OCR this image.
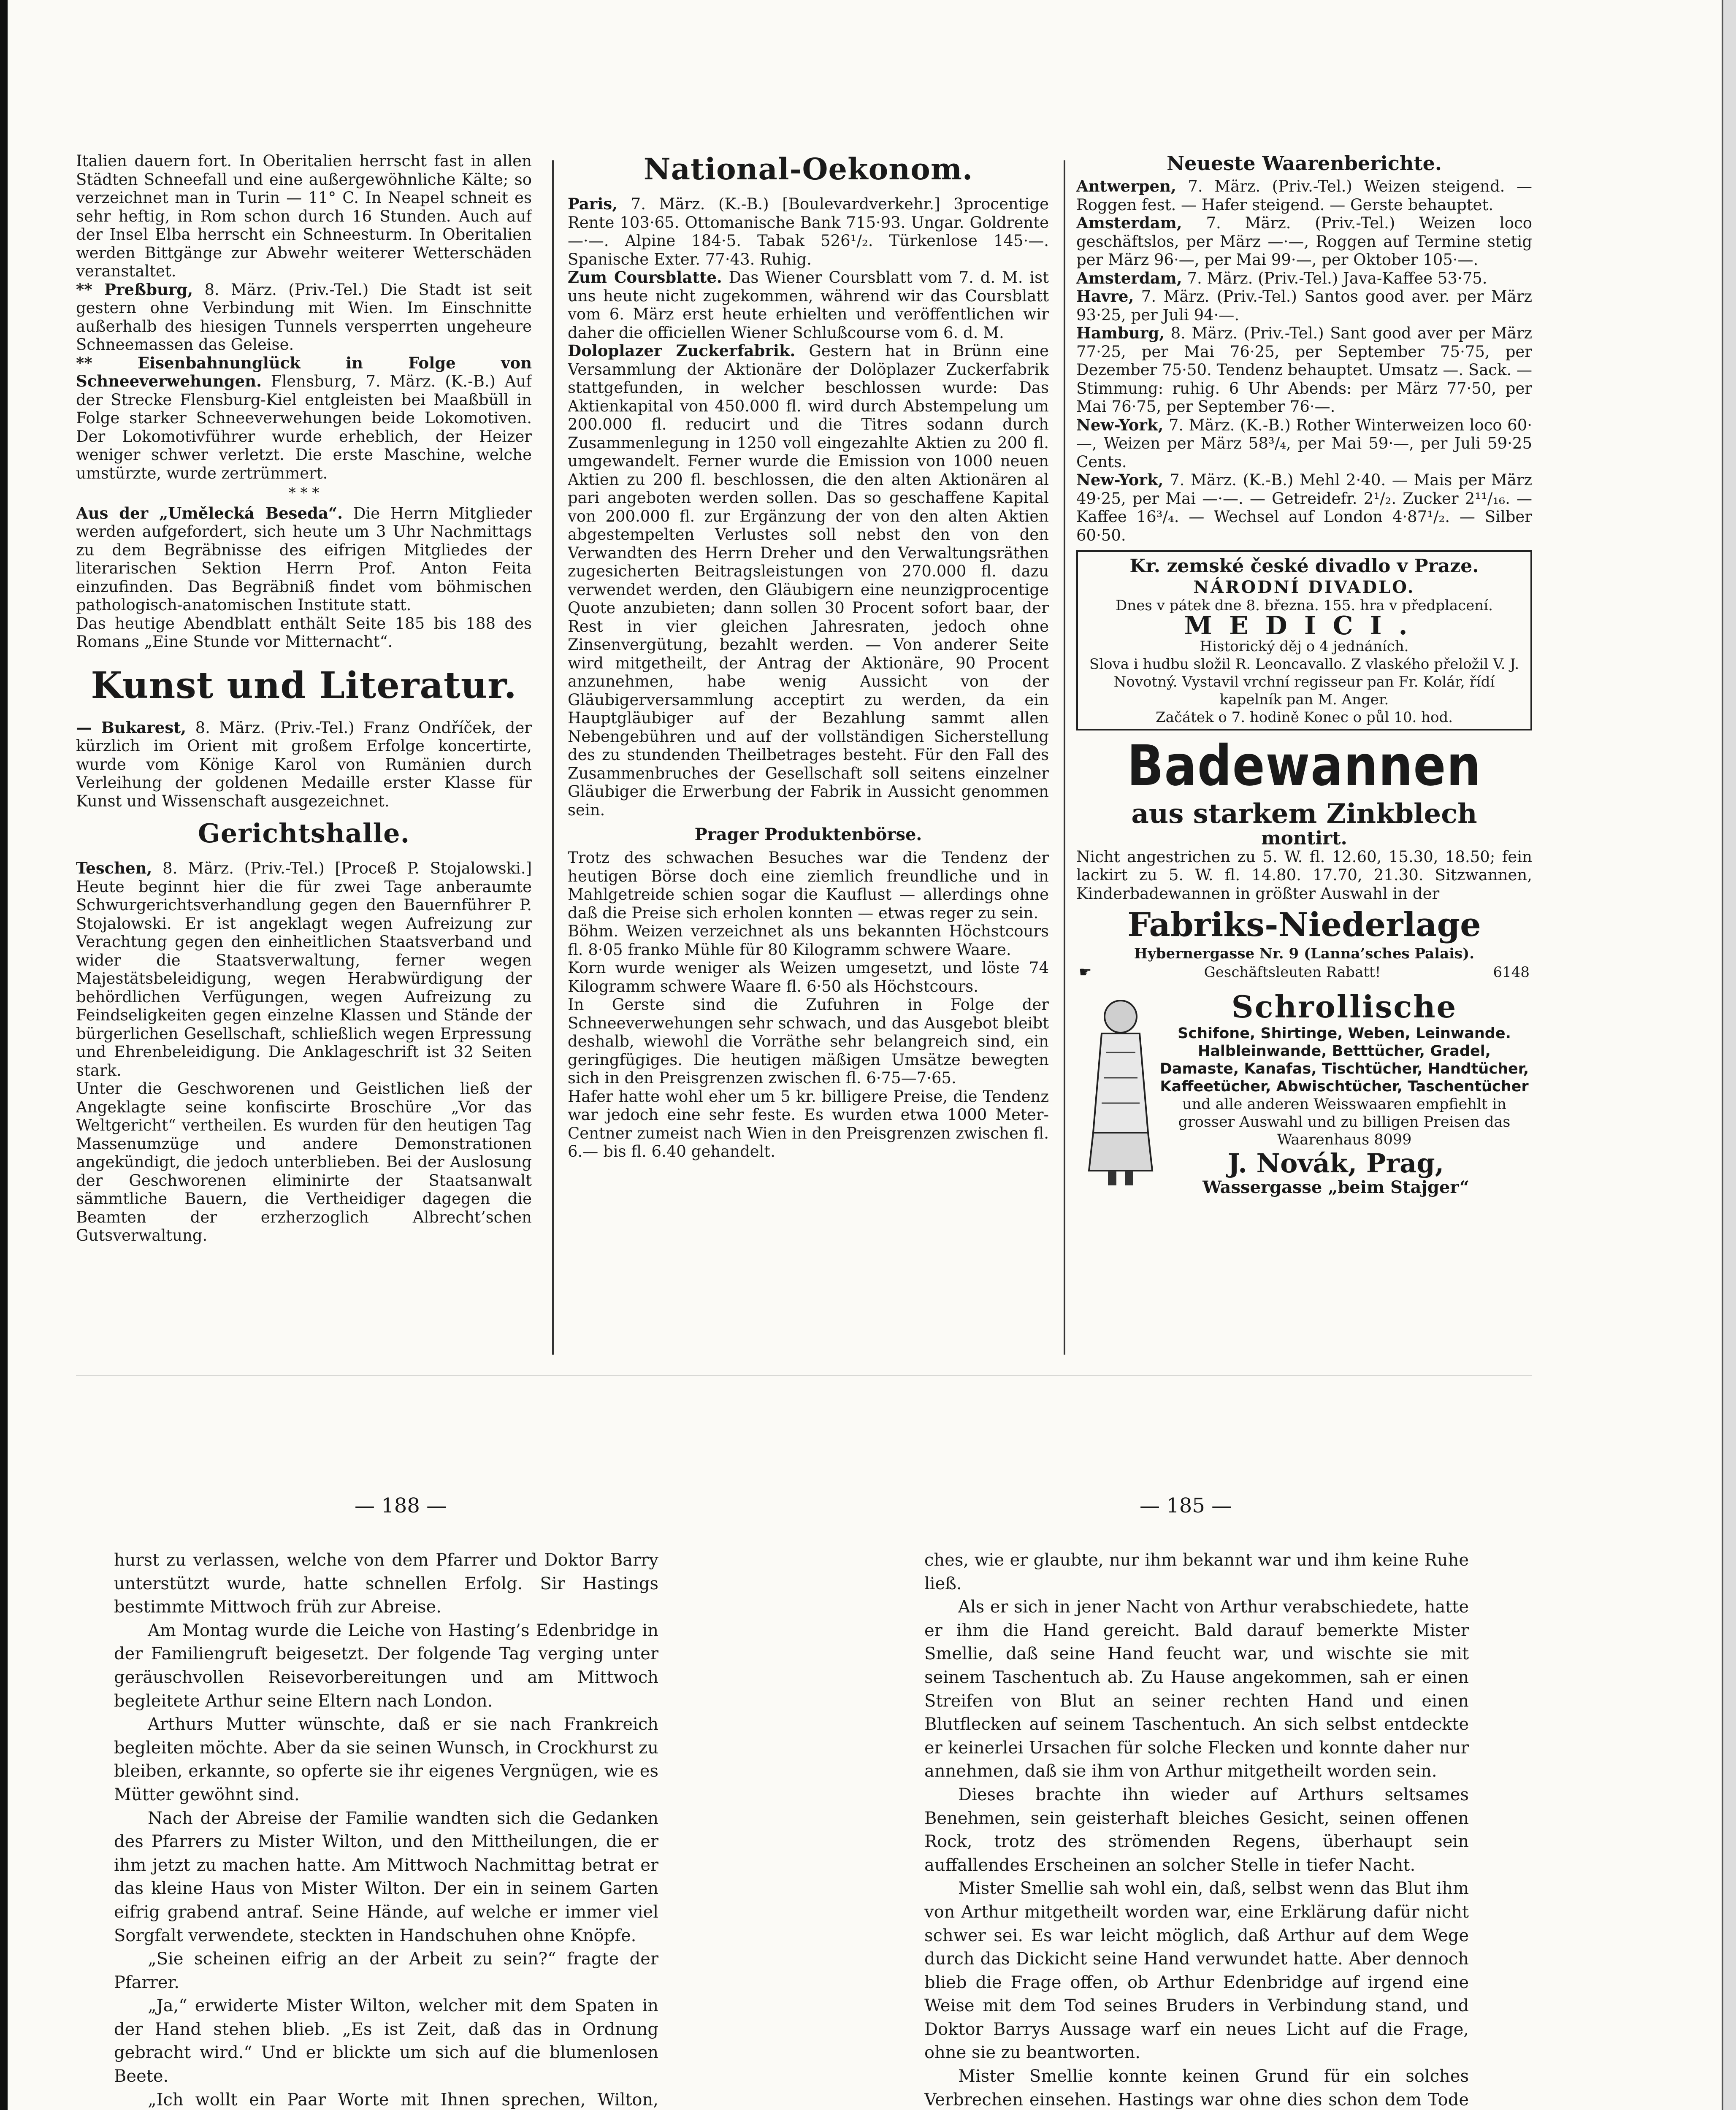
Italien dauern fort. In Oberitalien herrscht fast in allen Städten Schneefall und eine außergewöhnliche Kälte; so verzeichnet man in Turin — 11° C. In Neapel schneit es sehr heftig, in Rom schon durch 16 Stunden. Auch auf der Insel Elba herrscht ein Schneesturm. In Oberitalien werden Bittgänge zur Abwehr weiterer Wetterschäden veranstaltet.

** Preßburg, 8. März. (Priv.-Tel.) Die Stadt ist seit gestern ohne Verbindung mit Wien. Im Einschnitte außerhalb des hiesigen Tunnels versperrten ungeheure Schneemassen das Geleise.

** Eisenbahnunglück in Folge von Schneeverwehungen. Flensburg, 7. März. (K.-B.) Auf der Strecke Flensburg-Kiel entgleisten bei Maaßbüll in Folge starker Schneeverwehungen beide Lokomotiven. Der Lokomotivführer wurde erheblich, der Heizer weniger schwer verletzt. Die erste Maschine, welche umstürzte, wurde zertrümmert.

* * *

Aus der „Umělecká Beseda“. Die Herrn Mitglieder werden aufgefordert, sich heute um 3 Uhr Nachmittags zu dem Begräbnisse des eifrigen Mitgliedes der literarischen Sektion Herrn Prof. Anton Feita einzufinden. Das Begräbniß findet vom böhmischen pathologisch-anatomischen Institute statt.

Das heutige Abendblatt enthält Seite 185 bis 188 des Romans „Eine Stunde vor Mitternacht“.

Kunst und Literatur.

— Bukarest, 8. März. (Priv.-Tel.) Franz Ondříček, der kürzlich im Orient mit großem Erfolge koncertirte, wurde vom Könige Karol von Rumänien durch Verleihung der goldenen Medaille erster Klasse für Kunst und Wissenschaft ausgezeichnet.

Gerichtshalle.

Teschen, 8. März. (Priv.-Tel.) [Proceß P. Stojalowski.] Heute beginnt hier die für zwei Tage anberaumte Schwurgerichtsverhandlung gegen den Bauernführer P. Stojalowski. Er ist angeklagt wegen Aufreizung zur Verachtung gegen den einheitlichen Staatsverband und wider die Staatsverwaltung, ferner wegen Majestätsbeleidigung, wegen Herabwürdigung der behördlichen Verfügungen, wegen Aufreizung zu Feindseligkeiten gegen einzelne Klassen und Stände der bürgerlichen Gesellschaft, schließlich wegen Erpressung und Ehrenbeleidigung. Die Anklageschrift ist 32 Seiten stark.

Unter die Geschworenen und Geistlichen ließ der Angeklagte seine konfiscirte Broschüre „Vor das Weltgericht“ vertheilen. Es wurden für den heutigen Tag Massenumzüge und andere Demonstrationen angekündigt, die jedoch unterblieben. Bei der Auslosung der Geschworenen eliminirte der Staatsanwalt sämmtliche Bauern, die Vertheidiger dagegen die Beamten der erzherzoglich Albrecht’schen Gutsverwaltung.

National-Oekonom.

Paris, 7. März. (K.-B.) [Boulevardverkehr.] 3procentige Rente 103·65. Ottomanische Bank 715·93. Ungar. Goldrente —·—. Alpine 184·5. Tabak 526¹/₂. Türkenlose 145·—. Spanische Exter. 77·43. Ruhig.

Zum Coursblatte. Das Wiener Coursblatt vom 7. d. M. ist uns heute nicht zugekommen, während wir das Coursblatt vom 6. März erst heute erhielten und veröffentlichen wir daher die officiellen Wiener Schlußcourse vom 6. d. M.

Doloplazer Zuckerfabrik. Gestern hat in Brünn eine Versammlung der Aktionäre der Dolöplazer Zuckerfabrik stattgefunden, in welcher beschlossen wurde: Das Aktienkapital von 450.000 fl. wird durch Abstempelung um 200.000 fl. reducirt und die Titres sodann durch Zusammenlegung in 1250 voll eingezahlte Aktien zu 200 fl. umgewandelt. Ferner wurde die Emission von 1000 neuen Aktien zu 200 fl. beschlossen, die den alten Aktionären al pari angeboten werden sollen. Das so geschaffene Kapital von 200.000 fl. zur Ergänzung der von den alten Aktien abgestempelten Verlustes soll nebst den von den Verwandten des Herrn Dreher und den Verwaltungsräthen zugesicherten Beitragsleistungen von 270.000 fl. dazu verwendet werden, den Gläubigern eine neunzigprocentige Quote anzubieten; dann sollen 30 Procent sofort baar, der Rest in vier gleichen Jahresraten, jedoch ohne Zinsenvergütung, bezahlt werden. — Von anderer Seite wird mitgetheilt, der Antrag der Aktionäre, 90 Procent anzunehmen, habe wenig Aussicht von der Gläubigerversammlung acceptirt zu werden, da ein Hauptgläubiger auf der Bezahlung sammt allen Nebengebühren und auf der vollständigen Sicherstellung des zu stundenden Theilbetrages besteht. Für den Fall des Zusammenbruches der Gesellschaft soll seitens einzelner Gläubiger die Erwerbung der Fabrik in Aussicht genommen sein.

Prager Produktenbörse.

Trotz des schwachen Besuches war die Tendenz der heutigen Börse doch eine ziemlich freundliche und in Mahlgetreide schien sogar die Kauflust — allerdings ohne daß die Preise sich erholen konnten — etwas reger zu sein.

Böhm. Weizen verzeichnet als uns bekannten Höchstcours fl. 8·05 franko Mühle für 80 Kilogramm schwere Waare.

Korn wurde weniger als Weizen umgesetzt, und löste 74 Kilogramm schwere Waare fl. 6·50 als Höchstcours.

In Gerste sind die Zufuhren in Folge der Schneeverwehungen sehr schwach, und das Ausgebot bleibt deshalb, wiewohl die Vorräthe sehr belangreich sind, ein geringfügiges. Die heutigen mäßigen Umsätze bewegten sich in den Preisgrenzen zwischen fl. 6·75—7·65.

Hafer hatte wohl eher um 5 kr. billigere Preise, die Tendenz war jedoch eine sehr feste. Es wurden etwa 1000 Meter-Centner zumeist nach Wien in den Preisgrenzen zwischen fl. 6.— bis fl. 6.40 gehandelt.

Neueste Waarenberichte.

Antwerpen, 7. März. (Priv.-Tel.) Weizen steigend. — Roggen fest. — Hafer steigend. — Gerste behauptet.

Amsterdam, 7. März. (Priv.-Tel.) Weizen loco geschäftslos, per März —·—, Roggen auf Termine stetig per März 96·—, per Mai 99·—, per Oktober 105·—.

Amsterdam, 7. März. (Priv.-Tel.) Java-Kaffee 53·75.

Havre, 7. März. (Priv.-Tel.) Santos good aver. per März 93·25, per Juli 94·—.

Hamburg, 8. März. (Priv.-Tel.) Sant good aver per März 77·25, per Mai 76·25, per September 75·75, per Dezember 75·50. Tendenz behauptet. Umsatz —. Sack. — Stimmung: ruhig. 6 Uhr Abends: per März 77·50, per Mai 76·75, per September 76·—.

New-York, 7. März. (K.-B.) Rother Winterweizen loco 60·—, Weizen per März 58³/₄, per Mai 59·—, per Juli 59·25 Cents.

New-York, 7. März. (K.-B.) Mehl 2·40. — Mais per März 49·25, per Mai —·—. — Getreidefr. 2¹/₂. Zucker 2¹¹/₁₆. — Kaffee 16³/₄. — Wechsel auf London 4·87¹/₂. — Silber 60·50.

Kr. zemské české divadlo v Praze.
NÁRODNÍ DIVADLO.
Dnes v pátek dne 8. března. 155. hra v předplacení.
MEDICI.
Historický děj o 4 jednáních.
Slova i hudbu složil R. Leoncavallo. Z vlaského přeložil V. J. Novotný. Vystavil vrchní regisseur pan Fr. Kolár, řídí kapelník pan M. Anger.
Začátek o 7. hodině Konec o půl 10. hod.
Badewannen
aus starkem Zinkblech
montirt.

Nicht angestrichen zu 5. W. fl. 12.60, 15.30, 18.50; fein lackirt zu 5. W. fl. 14.80. 17.70, 21.30. Sitzwannen, Kinderbadewannen in größter Auswahl in der

Fabriks-Niederlage
Hybernergasse Nr. 9 (Lanna’sches Palais).
☛	Geschäftsleuten Rabatt!	6148
Schrollische
Schifone, Shirtinge, Weben, Leinwande. Halbleinwande, Betttücher, Gradel, Damaste, Kanafas, Tischtücher, Handtücher, Kaffeetücher, Abwischtücher, Taschentücher und alle anderen Weisswaaren empfiehlt in grosser Auswahl und zu billigen Preisen das Waarenhaus 8099
J. Novák, Prag,
Wassergasse „beim Stajger“
— 188 —	— 185 —

hurst zu verlassen, welche von dem Pfarrer und Doktor Barry unterstützt wurde, hatte schnellen Erfolg. Sir Hastings bestimmte Mittwoch früh zur Abreise.

Am Montag wurde die Leiche von Hasting’s Edenbridge in der Familiengruft beigesetzt. Der folgende Tag verging unter geräuschvollen Reisevorbereitungen und am Mittwoch begleitete Arthur seine Eltern nach London.

Arthurs Mutter wünschte, daß er sie nach Frankreich begleiten möchte. Aber da sie seinen Wunsch, in Crockhurst zu bleiben, erkannte, so opferte sie ihr eigenes Vergnügen, wie es Mütter gewöhnt sind.

Nach der Abreise der Familie wandten sich die Gedanken des Pfarrers zu Mister Wilton, und den Mittheilungen, die er ihm jetzt zu machen hatte. Am Mittwoch Nachmittag betrat er das kleine Haus von Mister Wilton. Der ein in seinem Garten eifrig grabend antraf. Seine Hände, auf welche er immer viel Sorgfalt verwendete, steckten in Handschuhen ohne Knöpfe.

„Sie scheinen eifrig an der Arbeit zu sein?“ fragte der Pfarrer.

„Ja,“ erwiderte Mister Wilton, welcher mit dem Spaten in der Hand stehen blieb. „Es ist Zeit, daß das in Ordnung gebracht wird.“ Und er blickte um sich auf die blumenlosen Beete.

„Ich wollt ein Paar Worte mit Ihnen sprechen, Wilton,

ches, wie er glaubte, nur ihm bekannt war und ihm keine Ruhe ließ.

Als er sich in jener Nacht von Arthur verabschiedete, hatte er ihm die Hand gereicht. Bald darauf bemerkte Mister Smellie, daß seine Hand feucht war, und wischte sie mit seinem Taschentuch ab. Zu Hause angekommen, sah er einen Streifen von Blut an seiner rechten Hand und einen Blutflecken auf seinem Taschentuch. An sich selbst entdeckte er keinerlei Ursachen für solche Flecken und konnte daher nur annehmen, daß sie ihm von Arthur mitgetheilt worden sein.

Dieses brachte ihn wieder auf Arthurs seltsames Benehmen, sein geisterhaft bleiches Gesicht, seinen offenen Rock, trotz des strömenden Regens, überhaupt sein auffallendes Erscheinen an solcher Stelle in tiefer Nacht.

Mister Smellie sah wohl ein, daß, selbst wenn das Blut ihm von Arthur mitgetheilt worden war, eine Erklärung dafür nicht schwer sei. Es war leicht möglich, daß Arthur auf dem Wege durch das Dickicht seine Hand verwundet hatte. Aber dennoch blieb die Frage offen, ob Arthur Edenbridge auf irgend eine Weise mit dem Tod seines Bruders in Verbindung stand, und Doktor Barrys Aussage warf ein neues Licht auf die Frage, ohne sie zu beantworten.

Mister Smellie konnte keinen Grund für ein solches Verbrechen einsehen. Hastings war ohne dies schon dem Tode
